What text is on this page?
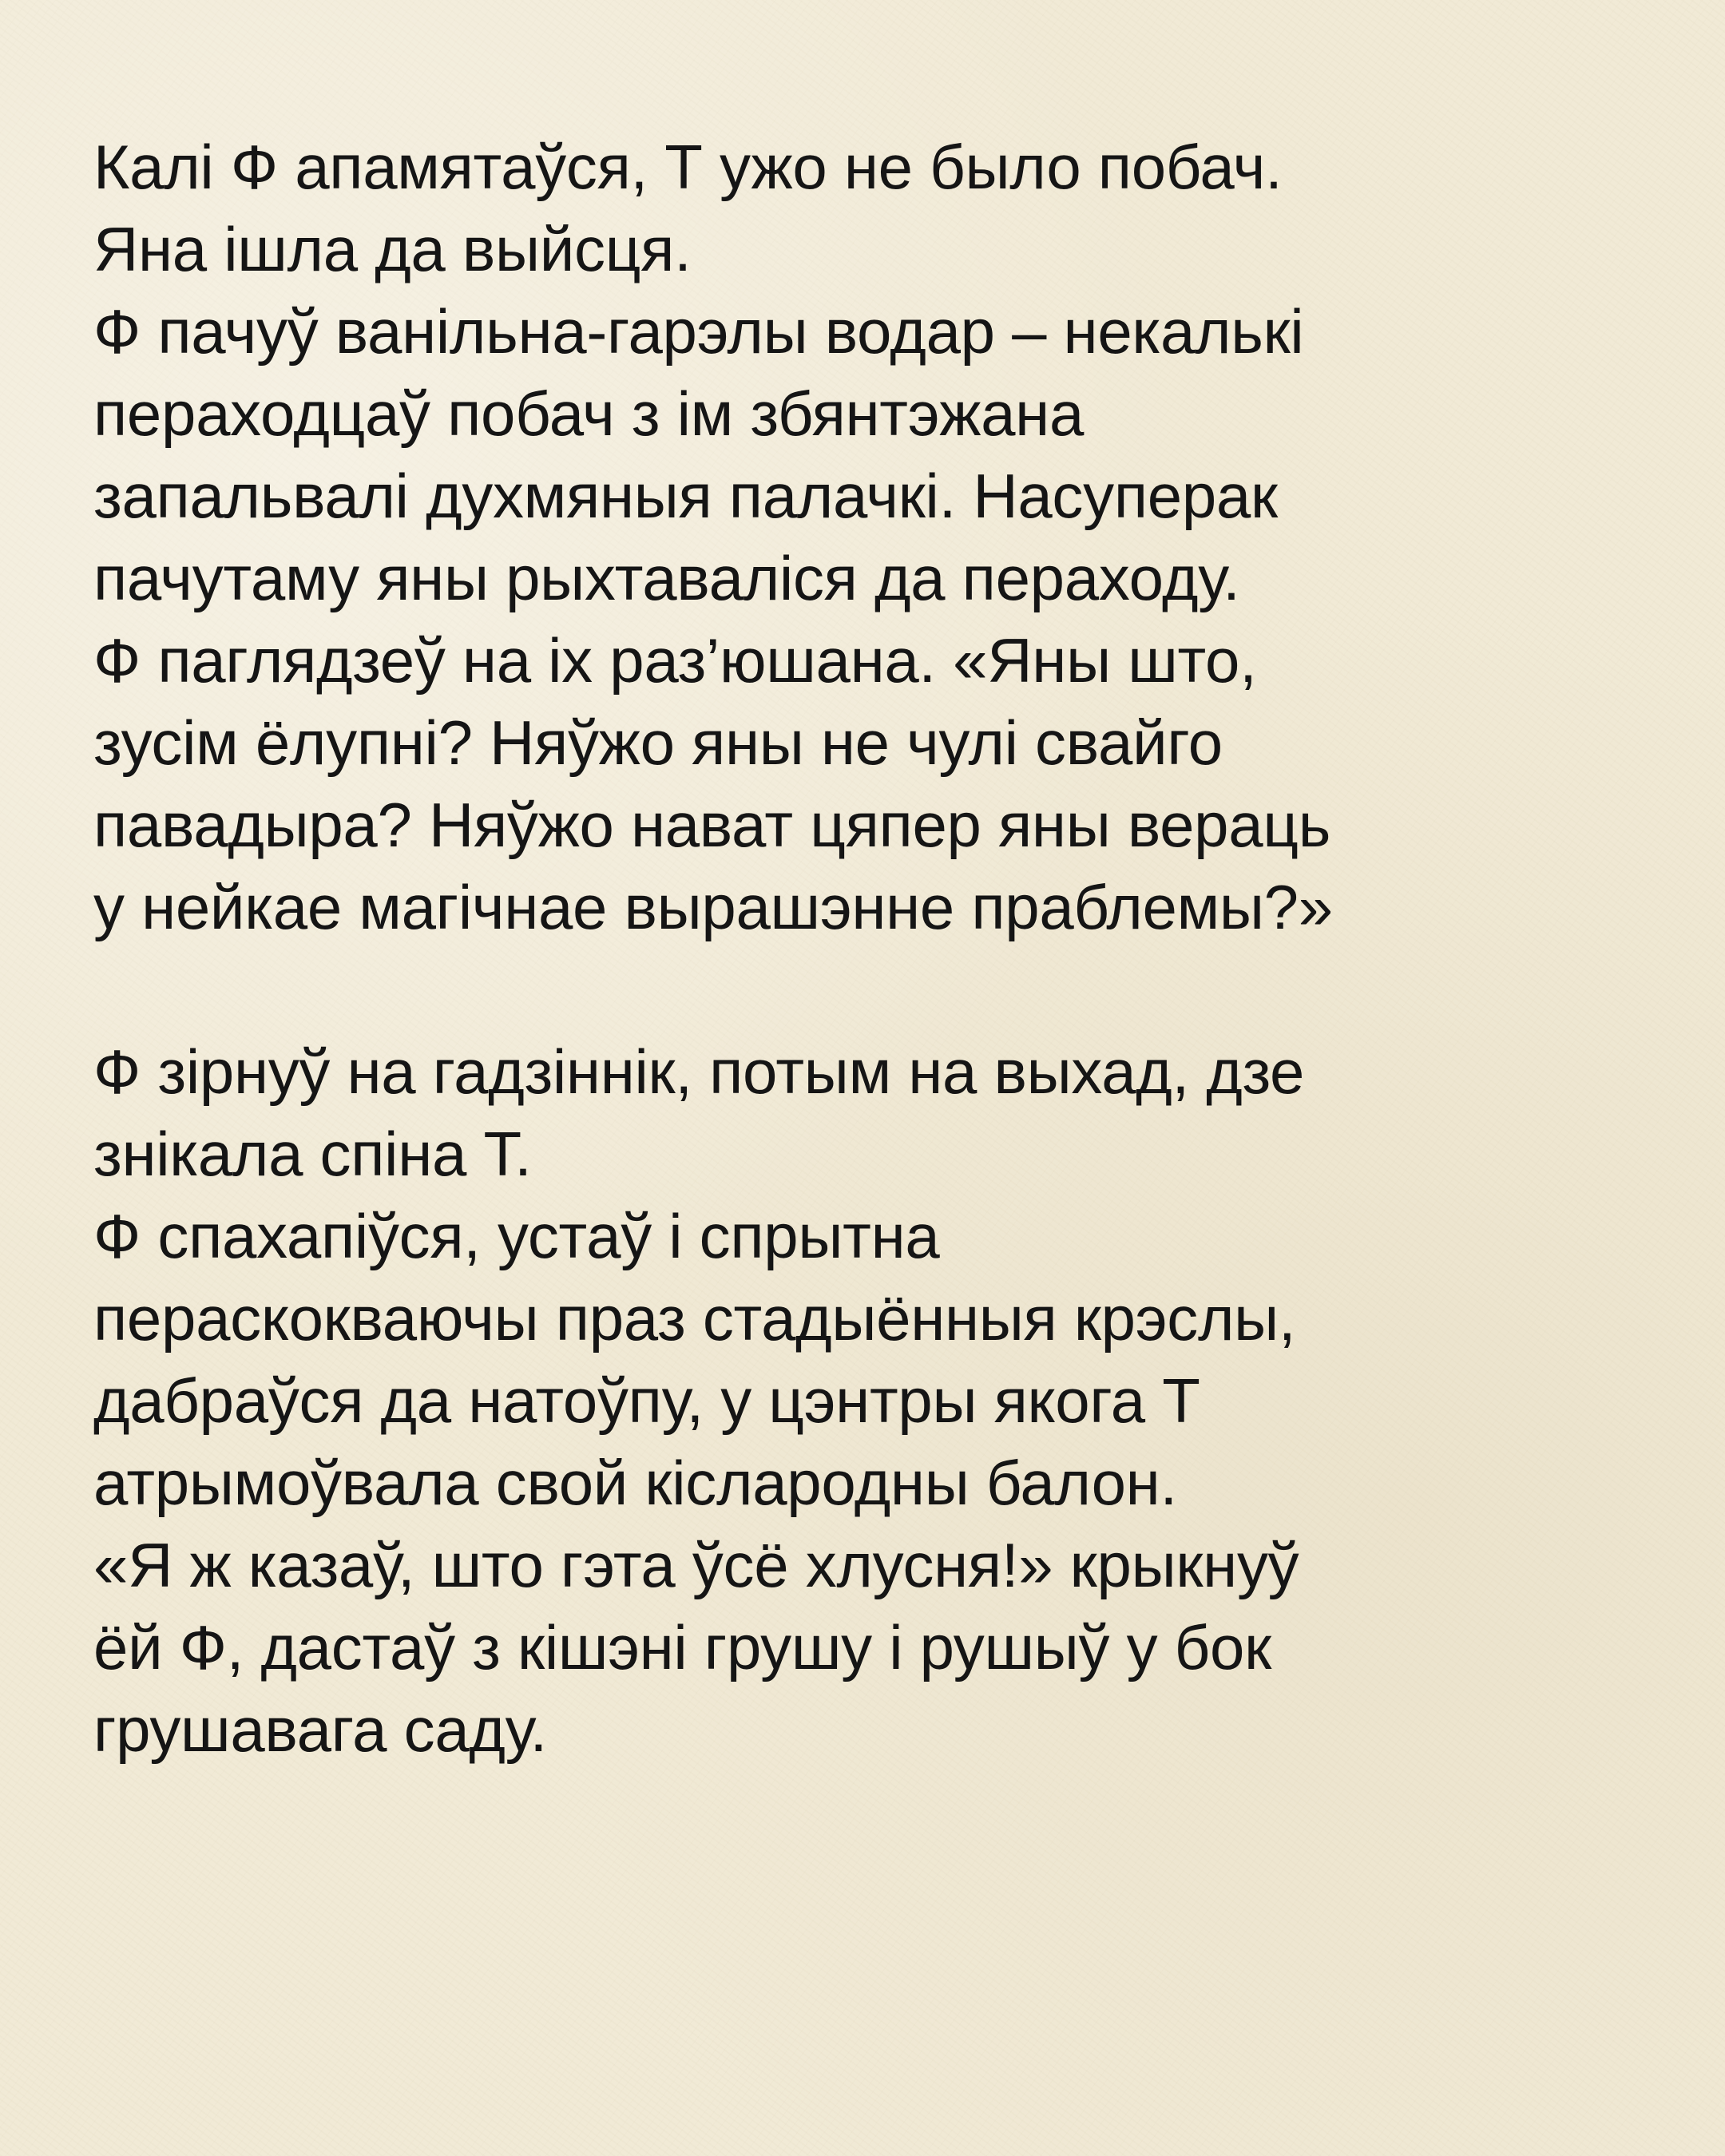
Калі Ф апамятаўся, Т ужо не было побач.
Яна ішла да выйсця.
Ф пачуў ванільна-гарэлы водар – некалькі
пераходцаў побач з ім збянтэжана
запальвалі духмяныя палачкі. Насуперак
пачутаму яны рыхтаваліся да пераходу.
Ф паглядзеў на іх раз’юшана. «Яны што,
зусім ёлупні? Няўжо яны не чулі свайго
павадыра? Няўжо нават цяпер яны вераць
у нейкае магічнае вырашэнне праблемы?»
Ф зірнуў на гадзіннік, потым на выхад, дзе
знікала спіна Т.
Ф спахапіўся, устаў і спрытна
пераскокваючы праз стадыённыя крэслы,
дабраўся да натоўпу, у цэнтры якога Т
атрымоўвала свой кіслародны балон.
«Я ж казаў, што гэта ўсё хлусня!» крыкнуў
ёй Ф, дастаў з кішэні грушу і рушыў у бок
грушавага саду.
